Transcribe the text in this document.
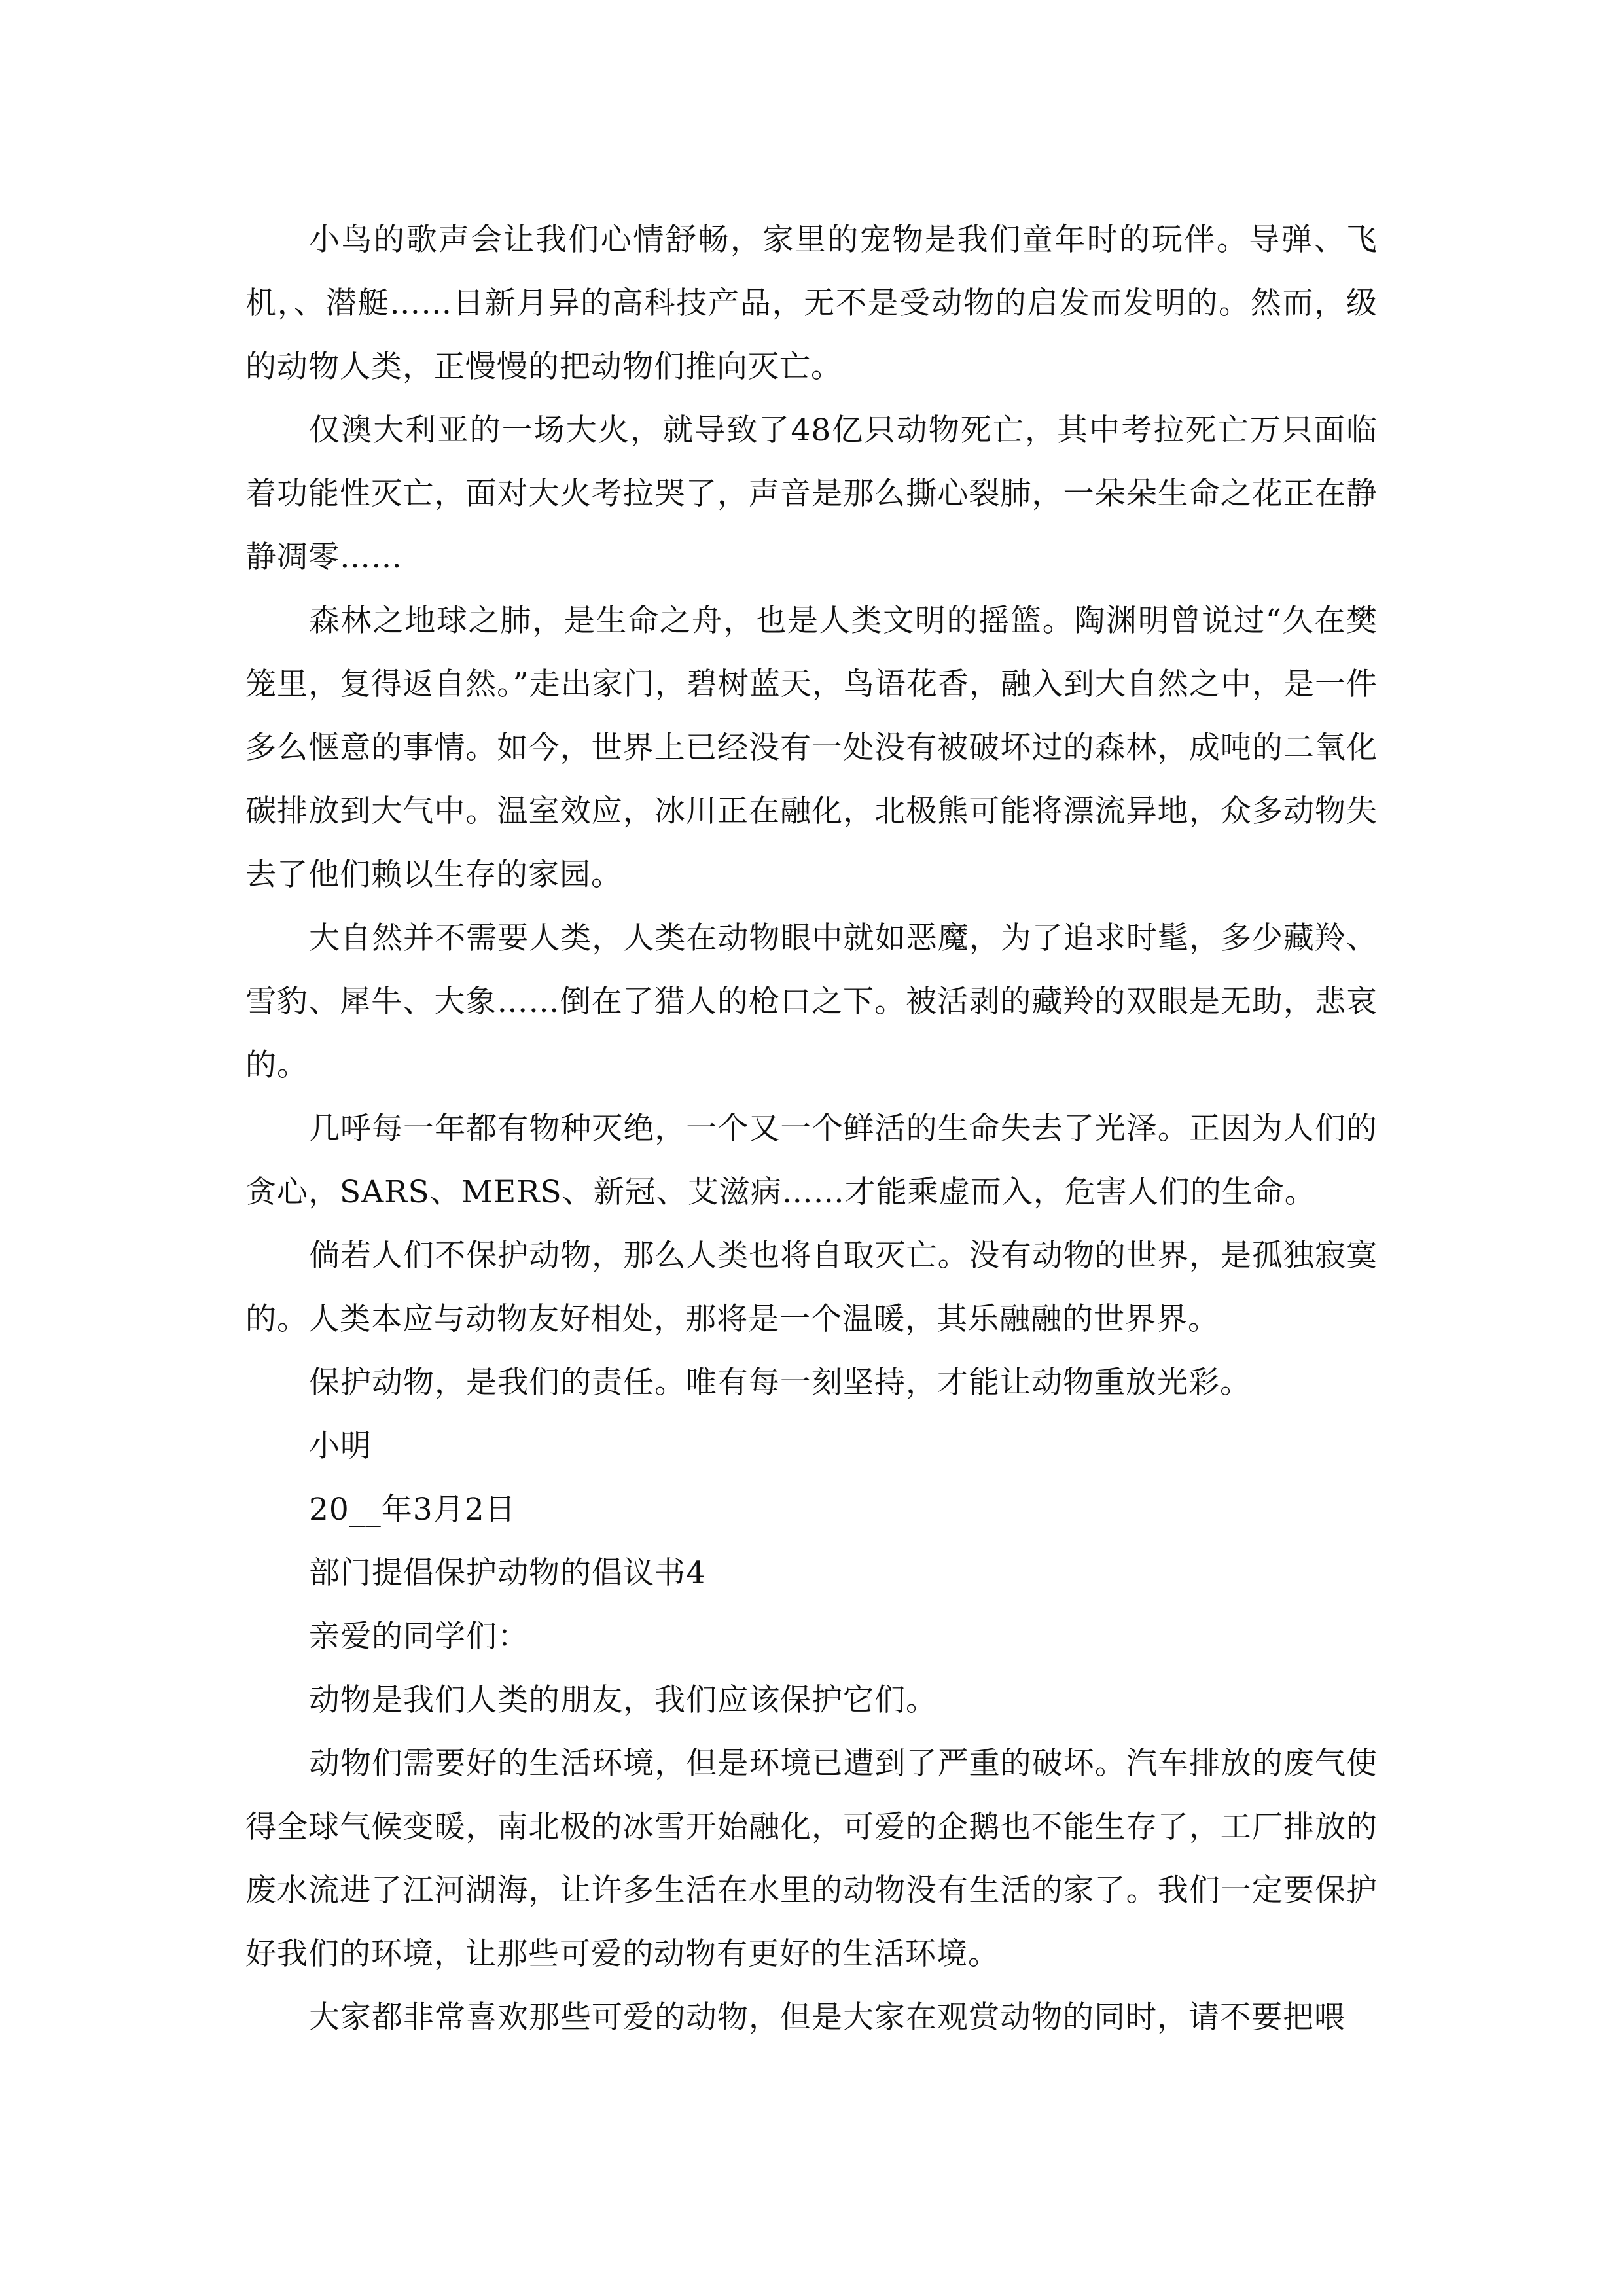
小鸟的歌声会让我们心情舒畅，家里的宠物是我们童年时的玩伴。导弹、飞机，、潜艇……日新月异的高科技产品，无不是受动物的启发而发明的。然而，级的动物人类，正慢慢的把动物们推向灭亡。

仅澳大利亚的一场大火，就导致了48亿只动物死亡，其中考拉死亡万只面临着功能性灭亡，面对大火考拉哭了，声音是那么撕心裂肺，一朵朵生命之花正在静静凋零……

森林之地球之肺，是生命之舟，也是人类文明的摇篮。陶渊明曾说过“久在樊笼里，复得返自然。”走出家门，碧树蓝天，鸟语花香，融入到大自然之中，是一件多么惬意的事情。如今，世界上已经没有一处没有被破坏过的森林，成吨的二氧化碳排放到大气中。温室效应，冰川正在融化，北极熊可能将漂流异地，众多动物失去了他们赖以生存的家园。

大自然并不需要人类，人类在动物眼中就如恶魔，为了追求时髦，多少藏羚、雪豹、犀牛、大象……倒在了猎人的枪口之下。被活剥的藏羚的双眼是无助，悲哀的。

几呼每一年都有物种灭绝，一个又一个鲜活的生命失去了光泽。正因为人们的贪心，SARS、MERS、新冠、艾滋病……才能乘虚而入，危害人们的生命。

倘若人们不保护动物，那么人类也将自取灭亡。没有动物的世界，是孤独寂寞的。人类本应与动物友好相处，那将是一个温暖，其乐融融的世界界。

保护动物，是我们的责任。唯有每一刻坚持，才能让动物重放光彩。

小明

20__年3月2日

部门提倡保护动物的倡议书4

亲爱的同学们：

动物是我们人类的朋友，我们应该保护它们。

动物们需要好的生活环境，但是环境已遭到了严重的破坏。汽车排放的废气使得全球气候变暖，南北极的冰雪开始融化，可爱的企鹅也不能生存了，工厂排放的废水流进了江河湖海，让许多生活在水里的动物没有生活的家了。我们一定要保护好我们的环境，让那些可爱的动物有更好的生活环境。

大家都非常喜欢那些可爱的动物，但是大家在观赏动物的同时，请不要把喂
